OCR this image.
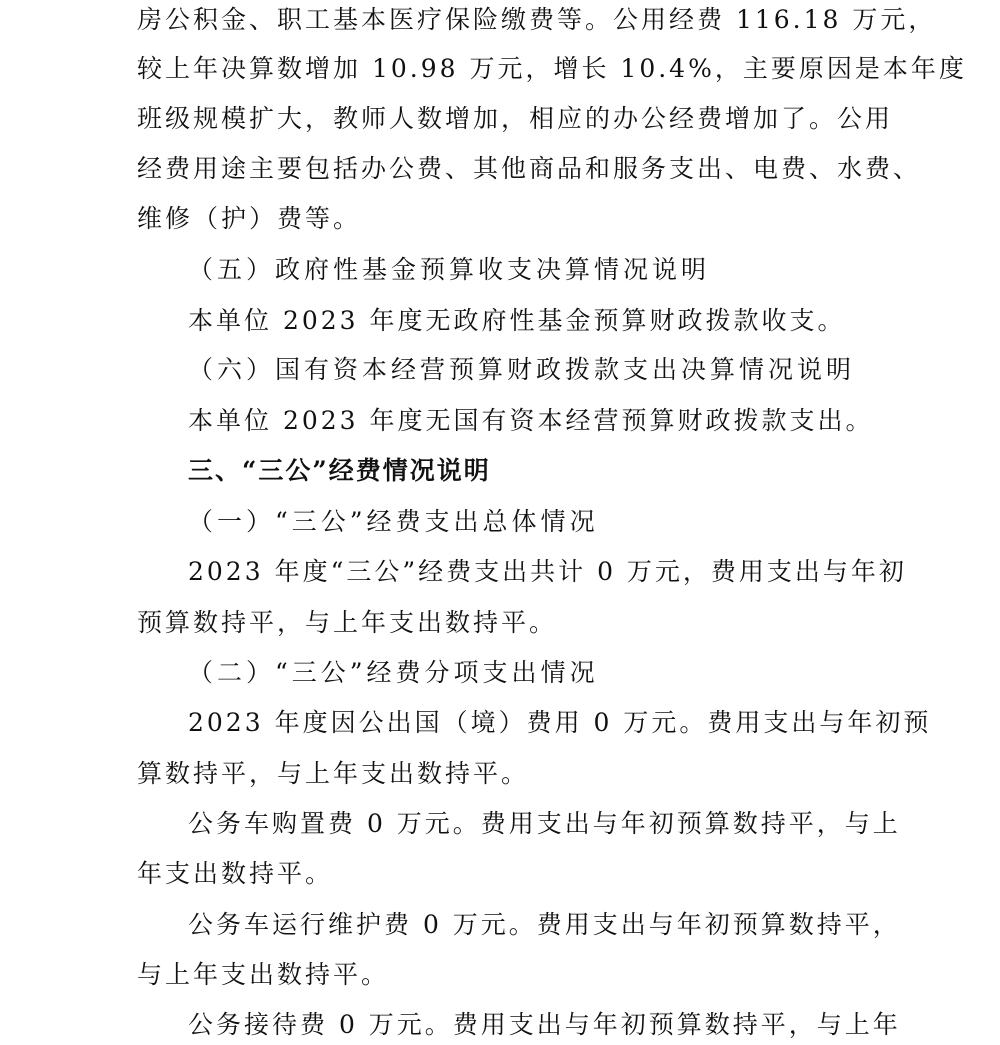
房公积金、职工基本医疗保险缴费等。公用经费 116.18 万元，
较上年决算数增加 10.98 万元，增长 10.4%，主要原因是本年度
班级规模扩大，教师人数增加，相应的办公经费增加了。公用
经费用途主要包括办公费、其他商品和服务支出、电费、水费、
维修（护）费等。
（五）政府性基金预算收支决算情况说明
本单位 2023 年度无政府性基金预算财政拨款收支。
（六）国有资本经营预算财政拨款支出决算情况说明
本单位 2023 年度无国有资本经营预算财政拨款支出。
三、“三公”经费情况说明
（一）“三公”经费支出总体情况
2023 年度“三公”经费支出共计 0 万元，费用支出与年初
预算数持平，与上年支出数持平。
（二）“三公”经费分项支出情况
2023 年度因公出国（境）费用 0 万元。费用支出与年初预
算数持平，与上年支出数持平。
公务车购置费 0 万元。费用支出与年初预算数持平，与上
年支出数持平。
公务车运行维护费 0 万元。费用支出与年初预算数持平，
与上年支出数持平。
公务接待费 0 万元。费用支出与年初预算数持平，与上年
